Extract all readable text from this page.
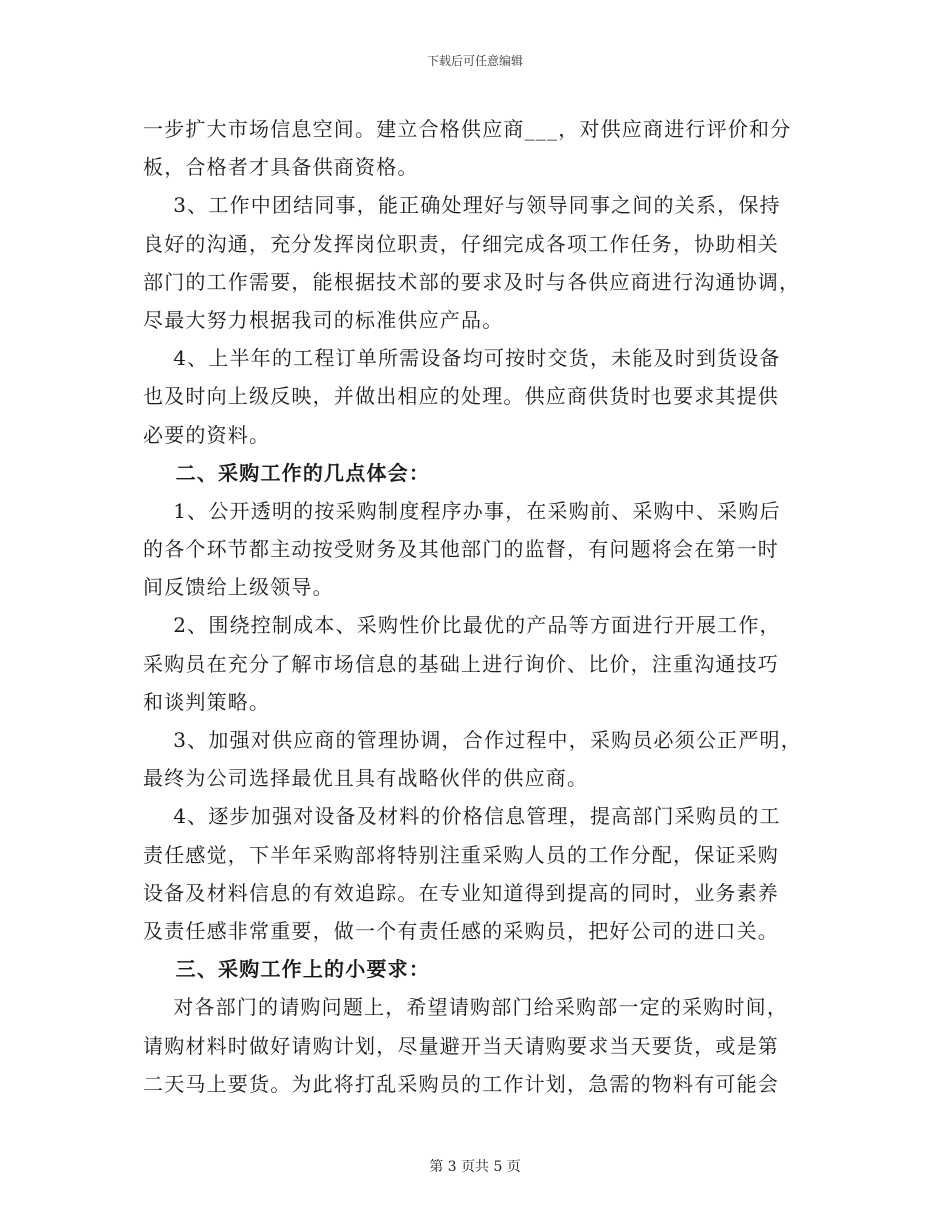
下载后可任意编辑
一步扩大市场信息空间。建立合格供应商___，对供应商进行评价和分
板，合格者才具备供商资格。
3、工作中团结同事，能正确处理好与领导同事之间的关系，保持
良好的沟通，充分发挥岗位职责，仔细完成各项工作任务，协助相关
部门的工作需要，能根据技术部的要求及时与各供应商进行沟通协调，
尽最大努力根据我司的标准供应产品。
4、上半年的工程订单所需设备均可按时交货，未能及时到货设备
也及时向上级反映，并做出相应的处理。供应商供货时也要求其提供
必要的资料。
二、采购工作的几点体会：
1、公开透明的按采购制度程序办事，在采购前、采购中、采购后
的各个环节都主动按受财务及其他部门的监督，有问题将会在第一时
间反馈给上级领导。
2、围绕控制成本、采购性价比最优的产品等方面进行开展工作，
采购员在充分了解市场信息的基础上进行询价、比价，注重沟通技巧
和谈判策略。
3、加强对供应商的管理协调，合作过程中，采购员必须公正严明，
最终为公司选择最优且具有战略伙伴的供应商。
4、逐步加强对设备及材料的价格信息管理，提高部门采购员的工
责任感觉，下半年采购部将特别注重采购人员的工作分配，保证采购
设备及材料信息的有效追踪。在专业知道得到提高的同时，业务素养
及责任感非常重要，做一个有责任感的采购员，把好公司的进口关。
三、采购工作上的小要求：
对各部门的请购问题上，希望请购部门给采购部一定的采购时间，
请购材料时做好请购计划，尽量避开当天请购要求当天要货，或是第
二天马上要货。为此将打乱采购员的工作计划，急需的物料有可能会
第 3 页共 5 页
